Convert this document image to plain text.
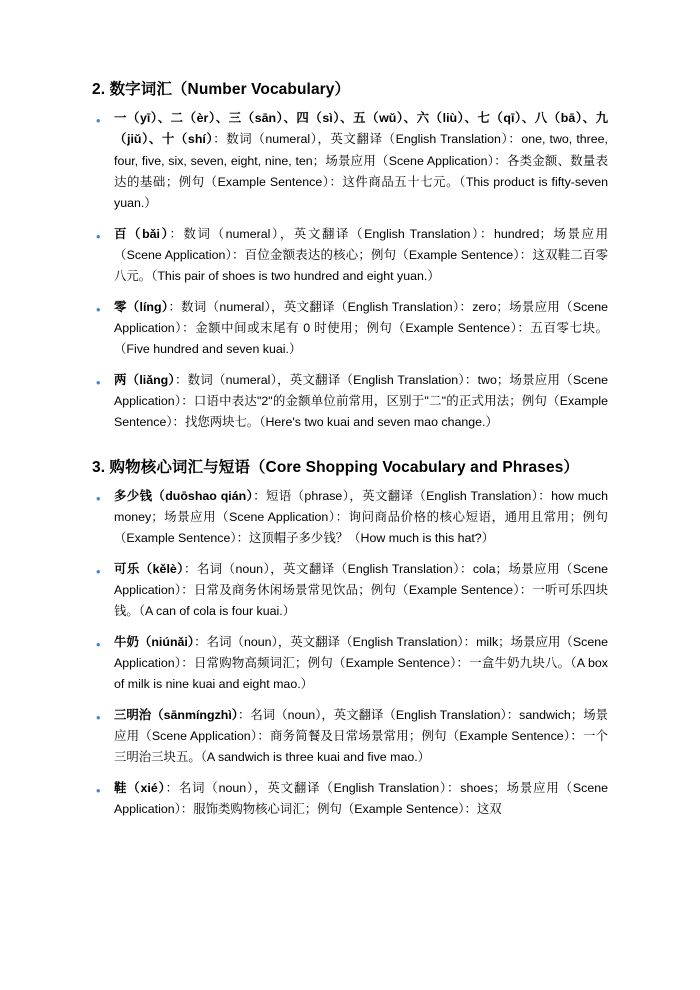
2. 数字词汇（Number Vocabulary）
• 一（yī）、二（èr）、三（sān）、四（sì）、五（wǔ）、六（liù）、七（qī）、八（bā）、九（jiǔ）、十（shí）：数词（numeral），英文翻译（English Translation）：one, two, three, four, five, six, seven, eight, nine, ten；场景应用（Scene Application）：各类金额、数量表达的基础；例句（Example Sentence）：这件商品五十七元。（This product is fifty-seven yuan.）
• 百（bǎi）：数词（numeral），英文翻译（English Translation）：hundred；场景应用（Scene Application）：百位金额表达的核心；例句（Example Sentence）：这双鞋二百零八元。（This pair of shoes is two hundred and eight yuan.）
• 零（líng）：数词（numeral），英文翻译（English Translation）：zero；场景应用（Scene Application）：金额中间或末尾有 0 时使用；例句（Example Sentence）：五百零七块。（Five hundred and seven kuai.）
• 两（liǎng）：数词（numeral），英文翻译（English Translation）：two；场景应用（Scene Application）：口语中表达"2"的金额单位前常用，区别于"二"的正式用法；例句（Example Sentence）：找您两块七。（Here's two kuai and seven mao change.）
3. 购物核心词汇与短语（Core Shopping Vocabulary and Phrases）
• 多少钱（duōshao qián）：短语（phrase），英文翻译（English Translation）：how much money；场景应用（Scene Application）：询问商品价格的核心短语，通用且常用；例句（Example Sentence）：这顶帽子多少钱？（How much is this hat?）
• 可乐（kělè）：名词（noun），英文翻译（English Translation）：cola；场景应用（Scene Application）：日常及商务休闲场景常见饮品；例句（Example Sentence）：一听可乐四块钱。（A can of cola is four kuai.）
• 牛奶（niúnǎi）：名词（noun），英文翻译（English Translation）：milk；场景应用（Scene Application）：日常购物高频词汇；例句（Example Sentence）：一盒牛奶九块八。（A box of milk is nine kuai and eight mao.）
• 三明治（sānmíngzhì）：名词（noun），英文翻译（English Translation）：sandwich；场景应用（Scene Application）：商务简餐及日常场景常用；例句（Example Sentence）：一个三明治三块五。（A sandwich is three kuai and five mao.）
• 鞋（xié）：名词（noun），英文翻译（English Translation）：shoes；场景应用（Scene Application）：服饰类购物核心词汇；例句（Example Sentence）：这双
